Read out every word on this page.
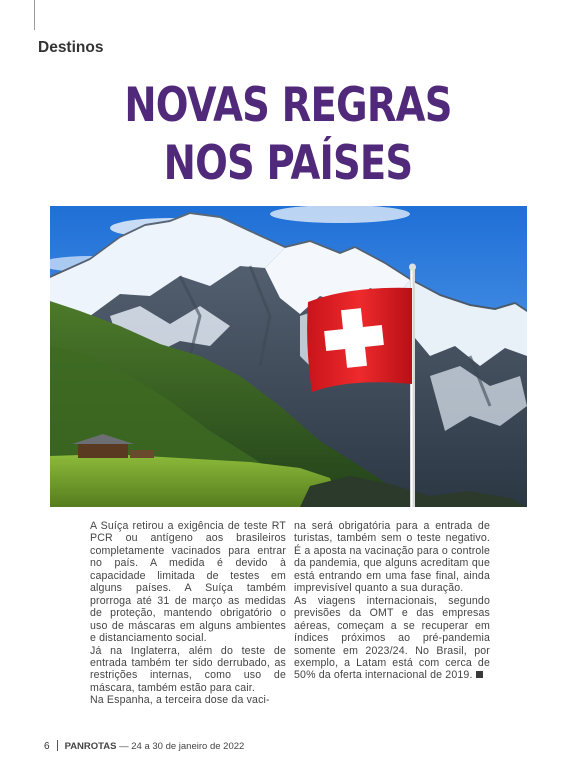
Destinos
NOVAS REGRAS
NOS PAÍSES

A Suíça retirou a exigência de teste RT PCR ou antígeno aos brasileiros completamente vacinados para entrar no país. A medida é devido à capacidade limitada de testes em alguns países. A Suíça também prorroga até 31 de março as medidas de proteção, mantendo obrigatório o uso de máscaras em alguns ambientes e distanciamento social.

Já na Inglaterra, além do teste de entrada também ter sido derrubado, as restrições internas, como uso de máscara, também estão para cair.

Na Espanha, a terceira dose da vaci-

na será obrigatória para a entrada de turistas, também sem o teste negativo. É a aposta na vacinação para o controle da pandemia, que alguns acreditam que está entrando em uma fase final, ainda imprevisível quanto a sua duração.

As viagens internacionais, segundo previsões da OMT e das empresas aéreas, começam a se recuperar em índices próximos ao pré-pandemia somente em 2023/24. No Brasil, por exemplo, a Latam está com cerca de 50% da oferta internacional de 2019.

6 PANROTAS — 24 a 30 de janeiro de 2022
